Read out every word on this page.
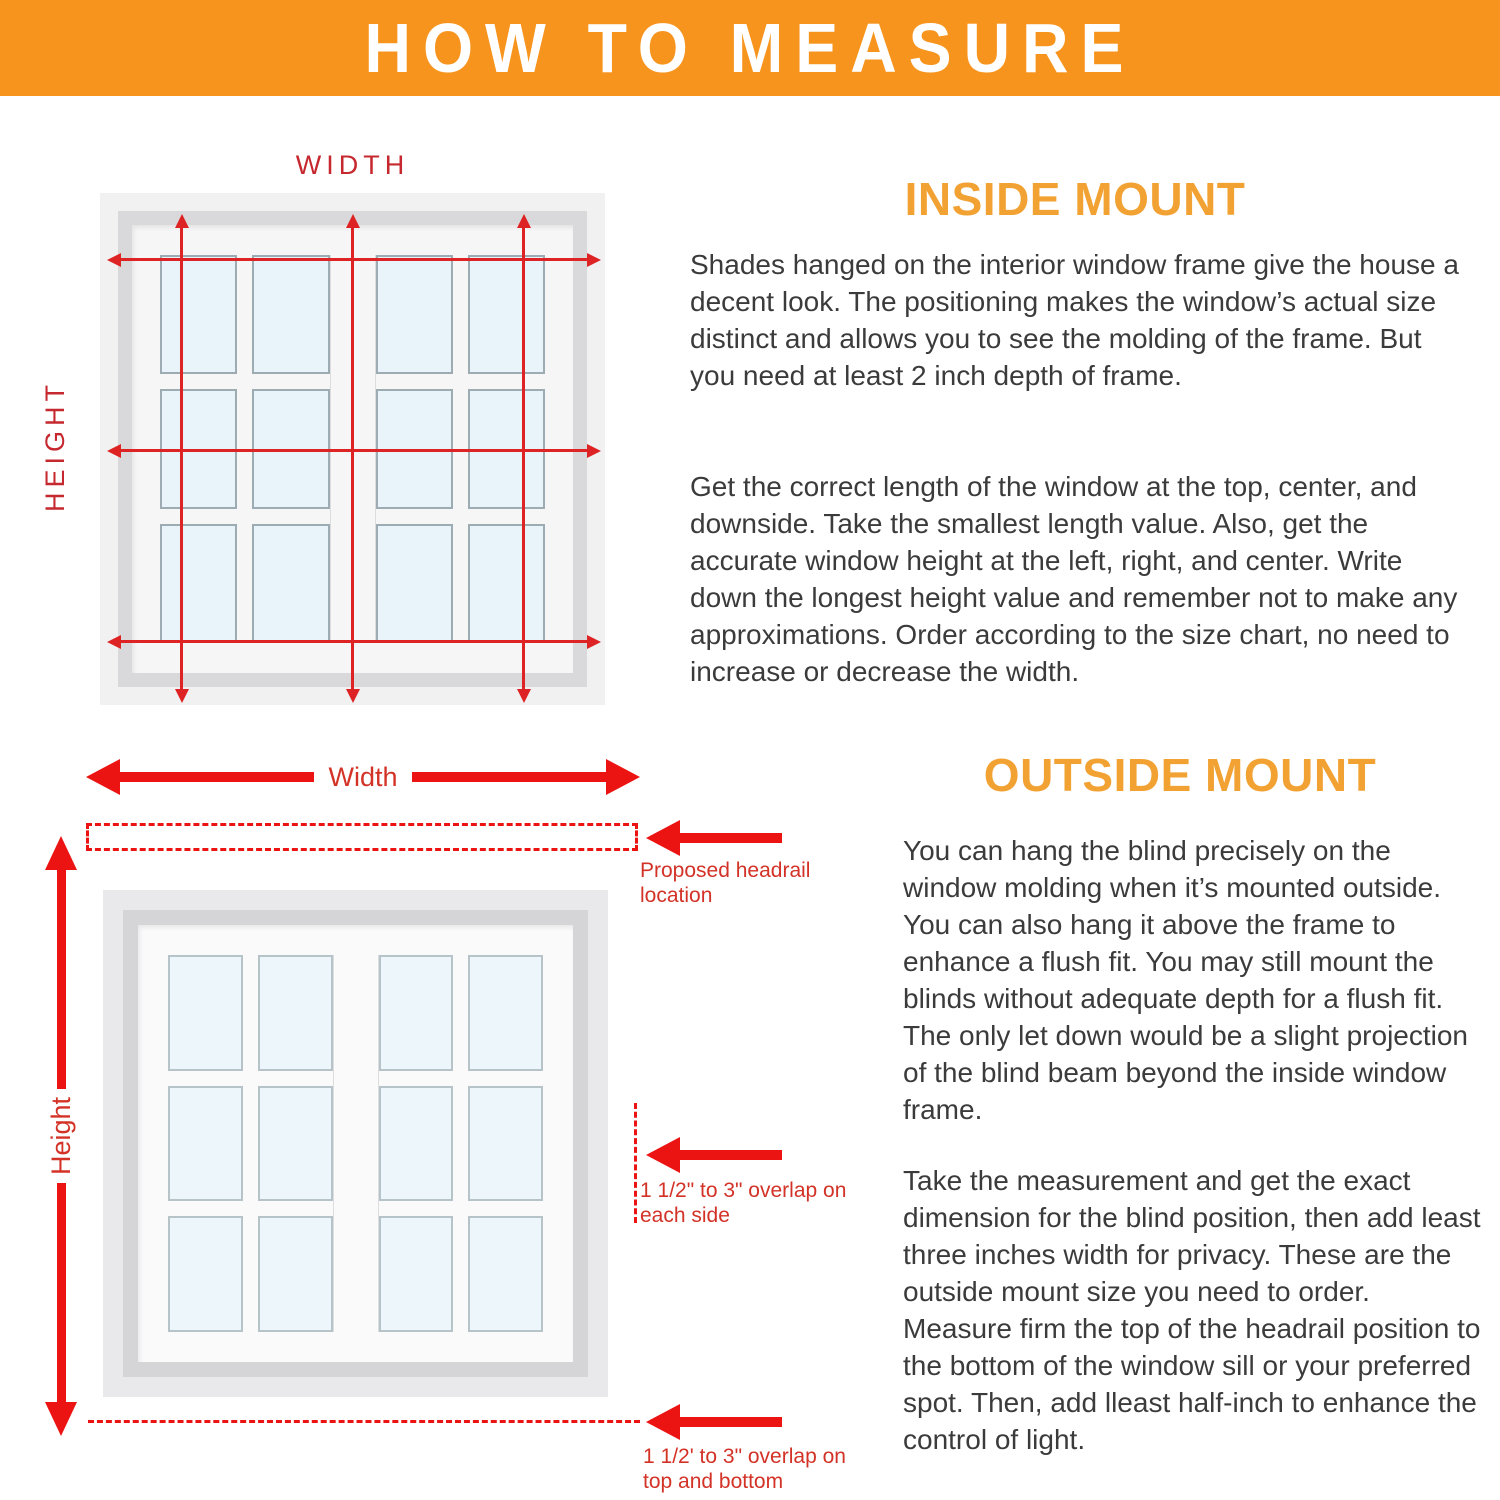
HOW TO MEASURE
WIDTH
HEIGHT
Width
Proposed headrail location
Height
1 1/2" to 3" overlap on each side
1 1/2' to 3" overlap on top and bottom
INSIDE MOUNT
Shades hanged on the interior window frame give the house a decent look. The positioning makes the window’s actual size distinct and allows you to see the molding of the frame. But you need at least 2 inch depth of frame.
Get the correct length of the window at the top, center, and downside. Take the smallest length value. Also, get the accurate window height at the left, right, and center. Write down the longest height value and remember not to make any approximations. Order according to the size chart, no need to increase or decrease the width.
OUTSIDE MOUNT
You can hang the blind precisely on the window molding when it’s mounted outside. You can also hang it above the frame to enhance a flush fit. You may still mount the blinds without adequate depth for a flush fit. The only let down would be a slight projection of the blind beam beyond the inside window frame.
Take the measurement and get the exact dimension for the blind position, then add least three inches width for privacy. These are the outside mount size you need to order. Measure firm the top of the headrail position to the bottom of the window sill or your preferred spot. Then, add lleast half-inch to enhance the control of light.
